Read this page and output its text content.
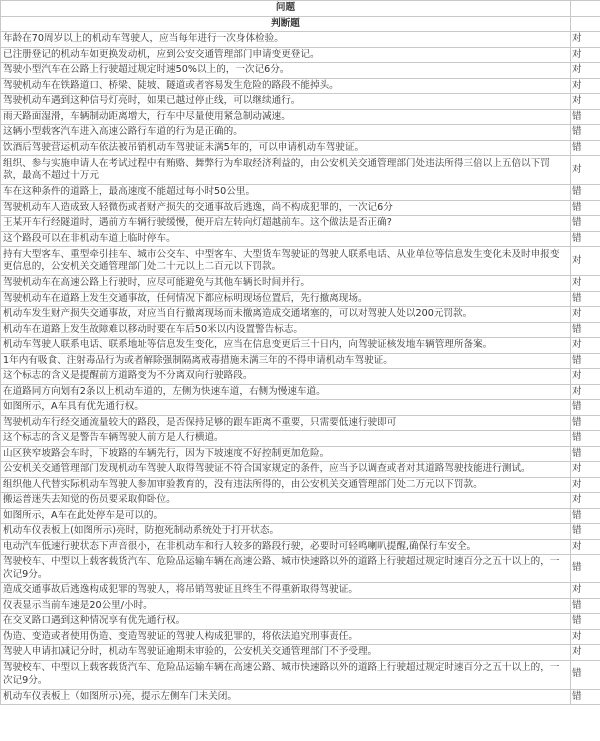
问题	
判断题	
年龄在70周岁以上的机动车驾驶人，应当每年进行一次身体检验。	对
已注册登记的机动车如更换发动机，应到公安交通管理部门申请变更登记。	对
驾驶小型汽车在公路上行驶超过规定时速50%以上的，一次记6分。	对
驾驶机动车在铁路道口、桥梁、陡坡、隧道或者容易发生危险的路段不能掉头。	对
驾驶机动车遇到这种信号灯亮时，如果已越过停止线，可以继续通行。	对
雨天路面湿滑，车辆制动距离增大，行车中尽量使用紧急制动减速。	错
这辆小型载客汽车进入高速公路行车道的行为是正确的。	错
饮酒后驾驶营运机动车依法被吊销机动车驾驶证未满5年的，可以申请机动车驾驶证。	错
组织、参与实施申请人在考试过程中有贿赂、舞弊行为牟取经济利益的，由公安机关交通管理部门处违法所得三倍以上五倍以下罚款，最高不超过十万元	对
车在这种条件的道路上，最高速度不能超过每小时50公里。	错
驾驶机动车人造成致人轻微伤或者财产损失的交通事故后逃逸，尚不构成犯罪的，一次记6分	错
王某开车行经隧道时，遇前方车辆行驶缓慢，便开启左转向灯超越前车。这个做法是否正确?	错
这个路段可以在非机动车道上临时停车。	错
持有大型客车、重型牵引挂车、城市公交车、中型客车、大型货车驾驶证的驾驶人联系电话、从业单位等信息发生变化未及时申报变更信息的，公安机关交通管理部门处二十元以上二百元以下罚款。	对
驾驶机动车在高速公路上行驶时，应尽可能避免与其他车辆长时间并行。	对
驾驶机动车在道路上发生交通事故，任何情况下都应标明现场位置后，先行撤离现场。	错
机动车发生财产损失交通事故，对应当自行撤离现场而未撤离造成交通堵塞的，可以对驾驶人处以200元罚款。	对
机动车在道路上发生故障难以移动时要在车后50米以内设置警告标志。	错
机动车驾驶人联系电话、联系地址等信息发生变化，应当在信息变更后三十日内，向驾驶证核发地车辆管理所备案。	对
1年内有吸食、注射毒品行为或者解除强制隔离戒毒措施未满三年的不得申请机动车驾驶证。	错
这个标志的含义是提醒前方道路变为不分离双向行驶路段。	对
在道路同方向划有2条以上机动车道的，左侧为快速车道，右侧为慢速车道。	对
如图所示，A车具有优先通行权。	错
驾驶机动车行经交通流量较大的路段，是否保持足够的跟车距离不重要，只需要低速行驶即可	错
这个标志的含义是警告车辆驾驶人前方是人行横道。	错
山区狭窄坡路会车时，下坡路的车辆先行，因为下坡速度不好控制更加危险。	错
公安机关交通管理部门发现机动车驾驶人取得驾驶证不符合国家规定的条件，应当予以调查或者对其道路驾驶技能进行测试。	对
组织他人代替实际机动车驾驶人参加审验教育的，没有违法所得的，由公安机关交通管理部门处二万元以下罚款。	对
搬运普迷失去知觉的伤员要采取仰卧位。	对
如图所示，A车在此处停车是可以的。	错
机动车仪表板上(如图所示)亮时，防抱死制动系统处于打开状态。	错
电动汽车低速行驶状态下声音很小，在非机动车和行人较多的路段行驶，必要时可轻鸣喇叭提醒,确保行车安全。	对
驾驶校车、中型以上载客载货汽车、危险品运输车辆在高速公路、城市快速路以外的道路上行驶超过规定时速百分之五十以上的，一次记9分。	错
造成交通事故后逃逸构成犯罪的驾驶人，将吊销驾驶证且终生不得重新取得驾驶证。	对
仪表显示当前车速是20公里/小时。	错
在交叉路口遇到这种情况享有优先通行权。	错
伪造、变造或者使用伪造、变造驾驶证的驾驶人构成犯罪的，将依法追究刑事责任。	对
驾驶人申请扣减记分时，机动车驾驶证逾期未审验的，公安机关交通管理部门不予受理。	对
驾驶校车、中型以上载客载货汽车、危险品运输车辆在高速公路、城市快速路以外的道路上行驶超过规定时速百分之五十以上的，一次记9分。	错
机动车仪表板上（如图所示)亮，提示左侧车门未关闭。	错
